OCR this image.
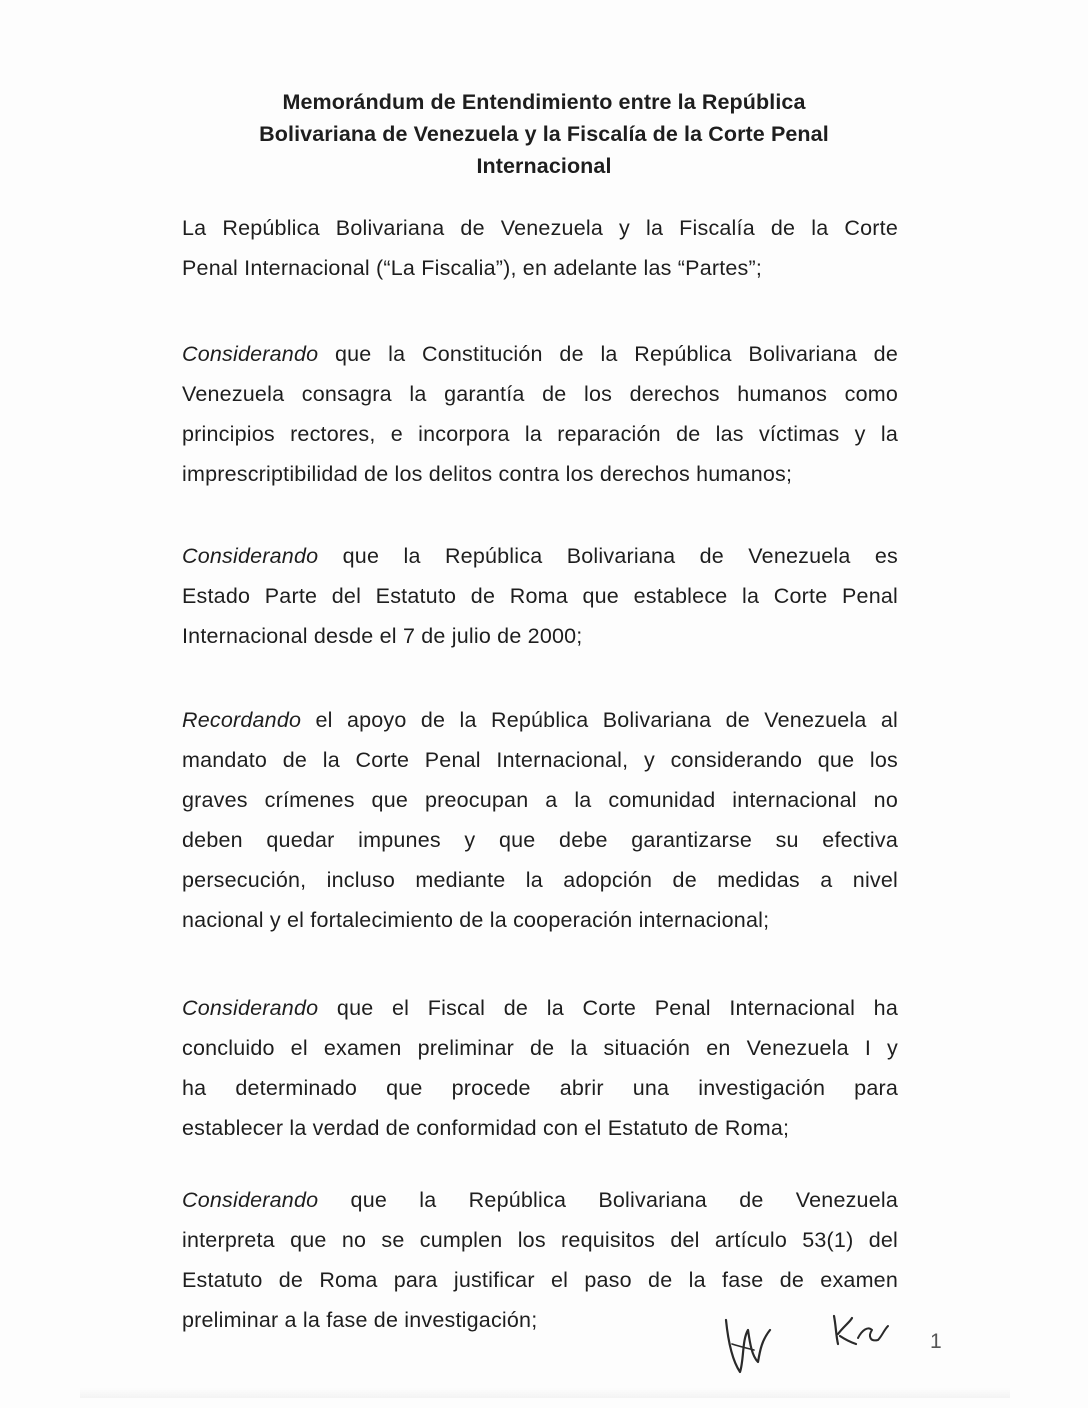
Memorándum de Entendimiento entre la República
Bolivariana de Venezuela y la Fiscalía de la Corte Penal
Internacional
La República Bolivariana de Venezuela y la Fiscalía de la Corte
Penal Internacional (“La Fiscalia”), en adelante las “Partes”;
Considerando que la Constitución de la República Bolivariana de
Venezuela consagra la garantía de los derechos humanos como
principios rectores, e incorpora la reparación de las víctimas y la
imprescriptibilidad de los delitos contra los derechos humanos;
Considerando que la República Bolivariana de Venezuela es
Estado Parte del Estatuto de Roma que establece la Corte Penal
Internacional desde el 7 de julio de 2000;
Recordando el apoyo de la República Bolivariana de Venezuela al
mandato de la Corte Penal Internacional, y considerando que los
graves crímenes que preocupan a la comunidad internacional no
deben quedar impunes y que debe garantizarse su efectiva
persecución, incluso mediante la adopción de medidas a nivel
nacional y el fortalecimiento de la cooperación internacional;
Considerando que el Fiscal de la Corte Penal Internacional ha
concluido el examen preliminar de la situación en Venezuela I y
ha determinado que procede abrir una investigación para
establecer la verdad de conformidad con el Estatuto de Roma;
Considerando que la República Bolivariana de Venezuela
interpreta que no se cumplen los requisitos del artículo 53(1) del
Estatuto de Roma para justificar el paso de la fase de examen
preliminar a la fase de investigación;
1
